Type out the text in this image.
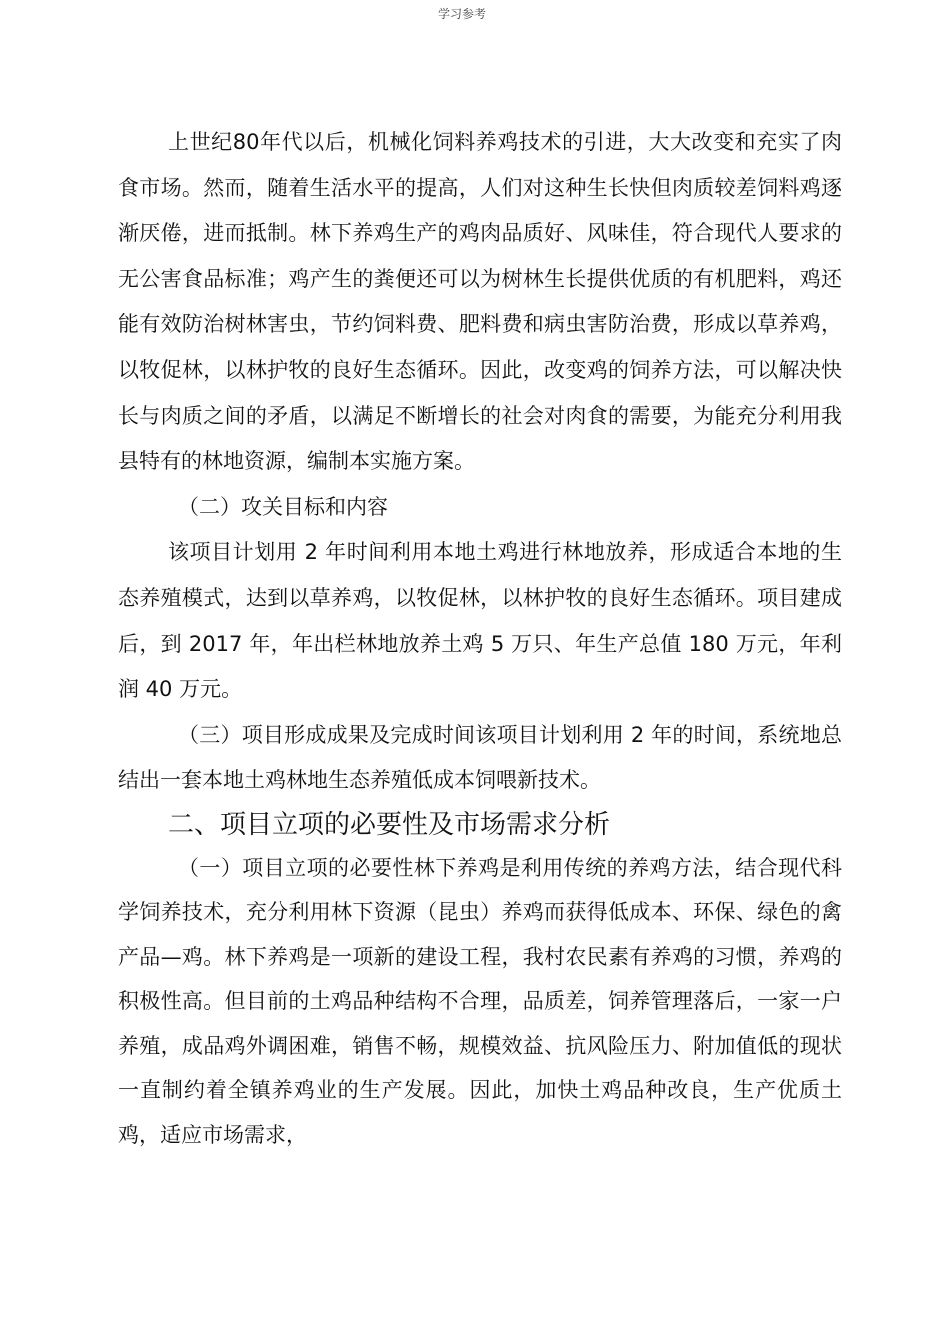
学习参考

上世纪80年代以后，机械化饲料养鸡技术的引进，大大改变和充实了肉食市场。然而，随着生活水平的提高，人们对这种生长快但肉质较差饲料鸡逐渐厌倦，进而抵制。林下养鸡生产的鸡肉品质好、风味佳，符合现代人要求的无公害食品标准；鸡产生的粪便还可以为树林生长提供优质的有机肥料，鸡还能有效防治树林害虫，节约饲料费、肥料费和病虫害防治费，形成以草养鸡，以牧促林，以林护牧的良好生态循环。因此，改变鸡的饲养方法，可以解决快长与肉质之间的矛盾，以满足不断增长的社会对肉食的需要，为能充分利用我县特有的林地资源，编制本实施方案。

（二）攻关目标和内容

该项目计划用 2 年时间利用本地土鸡进行林地放养，形成适合本地的生态养殖模式，达到以草养鸡，以牧促林，以林护牧的良好生态循环。项目建成后，到 2017 年，年出栏林地放养土鸡 5 万只、年生产总值 180 万元，年利润 40 万元。

（三）项目形成成果及完成时间该项目计划利用 2 年的时间，系统地总结出一套本地土鸡林地生态养殖低成本饲喂新技术。

二、项目立项的必要性及市场需求分析

（一）项目立项的必要性林下养鸡是利用传统的养鸡方法，结合现代科学饲养技术，充分利用林下资源（昆虫）养鸡而获得低成本、环保、绿色的禽产品—鸡。林下养鸡是一项新的建设工程，我村农民素有养鸡的习惯，养鸡的积极性高。但目前的土鸡品种结构不合理，品质差，饲养管理落后，一家一户养殖，成品鸡外调困难，销售不畅，规模效益、抗风险压力、附加值低的现状一直制约着全镇养鸡业的生产发展。因此，加快土鸡品种改良，生产优质土鸡，适应市场需求，
